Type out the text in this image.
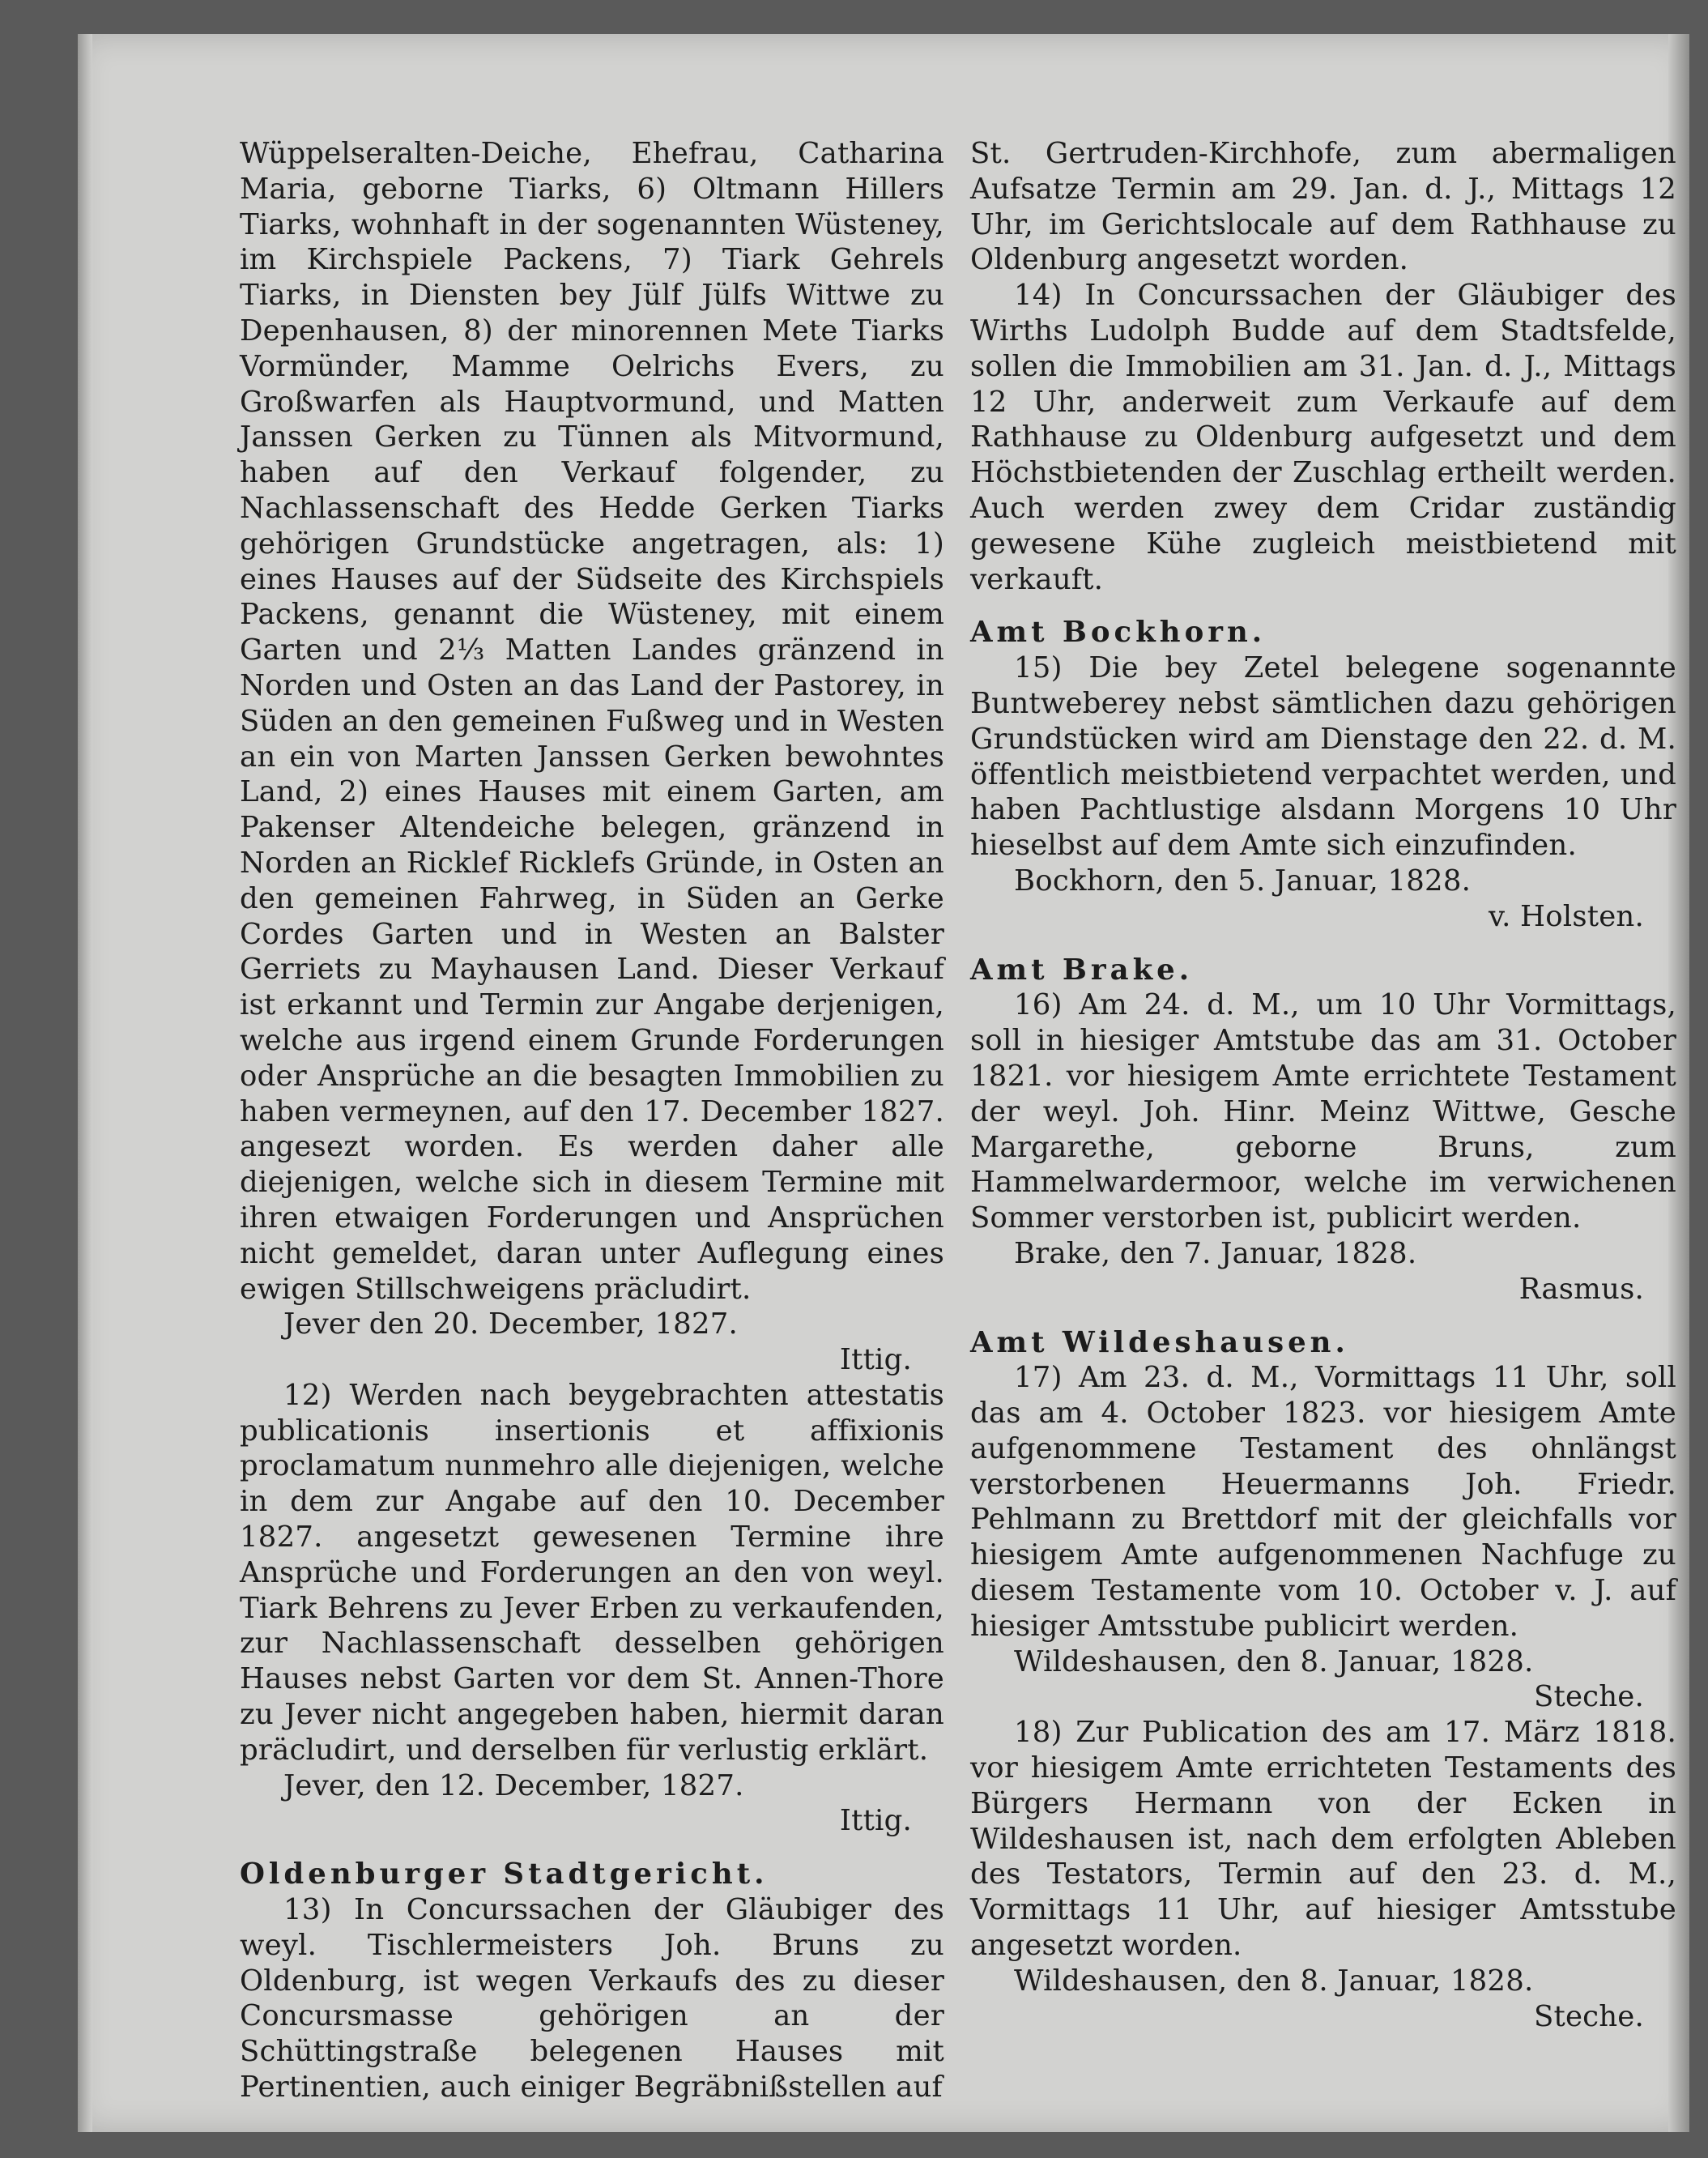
Wüppelseralten-Deiche, Ehefrau, Catharina Maria, geborne Tiarks, 6) Oltmann Hillers Tiarks, wohnhaft in der sogenannten Wüsteney, im Kirchspiele Packens, 7) Tiark Gehrels Tiarks, in Diensten bey Jülf Jülfs Wittwe zu Depenhausen, 8) der minorennen Mete Tiarks Vormünder, Mamme Oelrichs Evers, zu Großwarfen als Hauptvormund, und Matten Janssen Gerken zu Tünnen als Mitvormund, haben auf den Verkauf folgender, zu Nachlassenschaft des Hedde Gerken Tiarks gehörigen Grundstücke angetragen, als: 1) eines Hauses auf der Südseite des Kirchspiels Packens, genannt die Wüsteney, mit einem Garten und 2⅓ Matten Landes gränzend in Norden und Osten an das Land der Pastorey, in Süden an den gemeinen Fußweg und in Westen an ein von Marten Janssen Gerken bewohntes Land, 2) eines Hauses mit einem Garten, am Pakenser Altendeiche belegen, gränzend in Norden an Ricklef Ricklefs Gründe, in Osten an den gemeinen Fahrweg, in Süden an Gerke Cordes Garten und in Westen an Balster Gerriets zu Mayhausen Land. Dieser Verkauf ist erkannt und Termin zur Angabe derjenigen, welche aus irgend einem Grunde Forderungen oder Ansprüche an die besagten Immobilien zu haben vermeynen, auf den 17. December 1827. angesezt worden. Es werden daher alle diejenigen, welche sich in diesem Termine mit ihren etwaigen Forderungen und Ansprüchen nicht gemeldet, daran unter Auflegung eines ewigen Stillschweigens präcludirt.

Jever den 20. December, 1827.

Ittig.

12) Werden nach beygebrachten attestatis publicationis insertionis et affixionis proclamatum nunmehro alle diejenigen, welche in dem zur Angabe auf den 10. December 1827. angesetzt gewesenen Termine ihre Ansprüche und Forderungen an den von weyl. Tiark Behrens zu Jever Erben zu verkaufenden, zur Nachlassenschaft desselben gehörigen Hauses nebst Garten vor dem St. Annen-Thore zu Jever nicht angegeben haben, hiermit daran präcludirt, und derselben für verlustig erklärt.

Jever, den 12. December, 1827.

Ittig.

Oldenburger Stadtgericht.

13) In Concurssachen der Gläubiger des weyl. Tischlermeisters Joh. Bruns zu Oldenburg, ist wegen Verkaufs des zu dieser Concursmasse gehörigen an der Schüttingstraße belegenen Hauses mit Pertinentien, auch einiger Begräbnißstellen auf

St. Gertruden-Kirchhofe, zum abermaligen Aufsatze Termin am 29. Jan. d. J., Mittags 12 Uhr, im Gerichtslocale auf dem Rathhause zu Oldenburg angesetzt worden.

14) In Concurssachen der Gläubiger des Wirths Ludolph Budde auf dem Stadtsfelde, sollen die Immobilien am 31. Jan. d. J., Mittags 12 Uhr, anderweit zum Verkaufe auf dem Rathhause zu Oldenburg aufgesetzt und dem Höchstbietenden der Zuschlag ertheilt werden. Auch werden zwey dem Cridar zuständig gewesene Kühe zugleich meistbietend mit verkauft.

Amt Bockhorn.

15) Die bey Zetel belegene sogenannte Buntweberey nebst sämtlichen dazu gehörigen Grundstücken wird am Dienstage den 22. d. M. öffentlich meistbietend verpachtet werden, und haben Pachtlustige alsdann Morgens 10 Uhr hieselbst auf dem Amte sich einzufinden.

Bockhorn, den 5. Januar, 1828.

v. Holsten.

Amt Brake.

16) Am 24. d. M., um 10 Uhr Vormittags, soll in hiesiger Amtstube das am 31. October 1821. vor hiesigem Amte errichtete Testament der weyl. Joh. Hinr. Meinz Wittwe, Gesche Margarethe, geborne Bruns, zum Hammelwardermoor, welche im verwichenen Sommer verstorben ist, publicirt werden.

Brake, den 7. Januar, 1828.

Rasmus.

Amt Wildeshausen.

17) Am 23. d. M., Vormittags 11 Uhr, soll das am 4. October 1823. vor hiesigem Amte aufgenommene Testament des ohnlängst verstorbenen Heuermanns Joh. Friedr. Pehlmann zu Brettdorf mit der gleichfalls vor hiesigem Amte aufgenommenen Nachfuge zu diesem Testamente vom 10. October v. J. auf hiesiger Amtsstube publicirt werden.

Wildeshausen, den 8. Januar, 1828.

Steche.

18) Zur Publication des am 17. März 1818. vor hiesigem Amte errichteten Testaments des Bürgers Hermann von der Ecken in Wildeshausen ist, nach dem erfolgten Ableben des Testators, Termin auf den 23. d. M., Vormittags 11 Uhr, auf hiesiger Amtsstube angesetzt worden.

Wildeshausen, den 8. Januar, 1828.

Steche.
